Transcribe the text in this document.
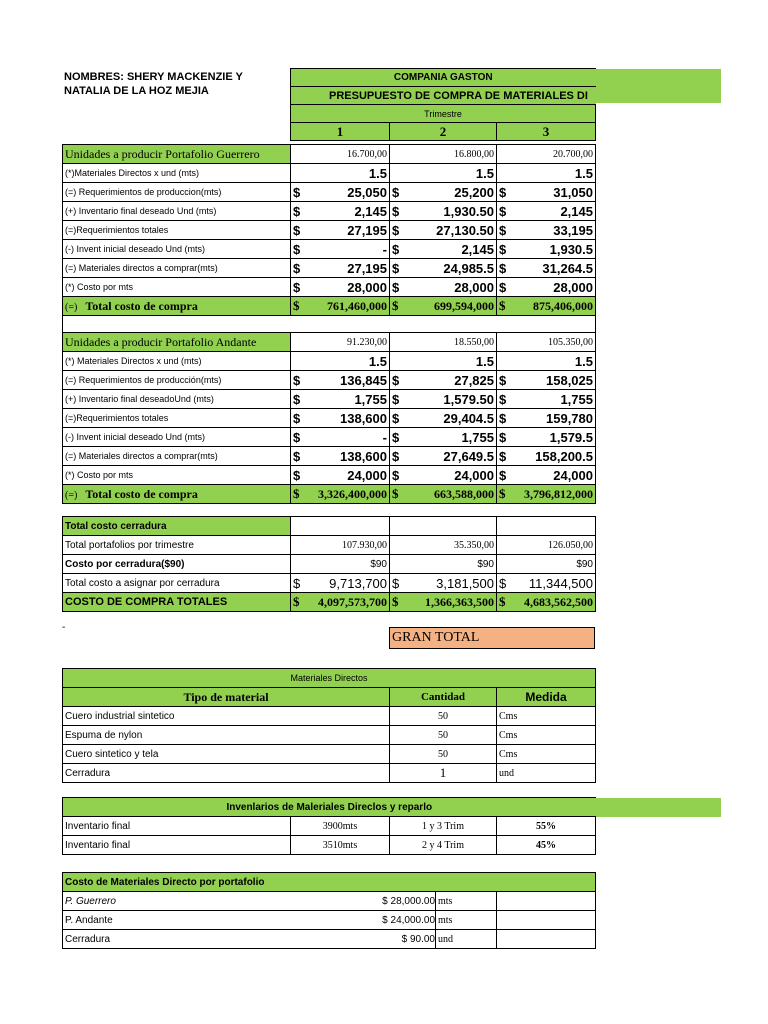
NOMBRES: SHERY MACKENZIE Y
NATALIA DE LA HOZ MEJIA
COMPANIA GASTON
PRESUPUESTO DE COMPRA DE MATERIALES DI
Trimestre
1	2	3
Unidades a producir Portafolio Guerrero	16.700,00	16.800,00	20.700,00
(*)Materiales Directos x und (mts)	1.5	1.5	1.5
(=) Requerimientos de produccion(mts)	$ 25,050	$ 25,200	$ 31,050

(+) Inventario final deseado Und (mts)	$ 2,145	$ 1,930.50	$ 2,145

(=)Requerimientos totales	$ 27,195	$ 27,130.50	$ 33,195

(-) Invent inicial deseado Und (mts)	$ -	$ 2,145	$ 1,930.5

(=) Materiales directos a comprar(mts)	$ 27,195	$ 24,985.5	$ 31,264.5

(*) Costo por mts	$ 28,000	$ 28,000	$ 28,000

(=) Total costo de compra	$ 761,460,000	$ 699,594,000	$ 875,406,000

Unidades a producir Portafolio Andante	91.230,00	18.550,00	105.350,00
(*) Materiales Directos x und (mts)	1.5	1.5	1.5
(=) Requerimientos de producción(mts)	$ 136,845	$ 27,825	$ 158,025

(+) Inventario final deseadoUnd (mts)	$ 1,755	$ 1,579.50	$ 1,755

(=)Requerimientos totales	$ 138,600	$ 29,404.5	$ 159,780

(-) Invent inicial deseado Und (mts)	$ -	$ 1,755	$ 1,579.5

(=) Materiales directos a comprar(mts)	$ 138,600	$ 27,649.5	$ 158,200.5

(*) Costo por mts	$ 24,000	$ 24,000	$ 24,000

(=) Total costo de compra	$ 3,326,400,000	$ 663,588,000	$ 3,796,812,000
Total costo cerradura			
Total portafolios por trimestre	107.930,00	35.350,00	126.050,00
Costo por cerradura($90)	$90	$90	$90
Total costo a asignar por cerradura	$ 9,713,700	$ 3,181,500	$ 11,344,500

COSTO DE COMPRA TOTALES	$ 4,097,573,700	$ 1,366,363,500	$ 4,683,562,500
-
GRAN TOTAL
Materiales Directos		
Tipo de material	Cantidad	Medida
Cuero industrial sintetico	50	Cms
Espuma de nylon	50	Cms
Cuero sintetico y tela	50	Cms
Cerradura	1	und
Invenlarios de Maleriales Direclos y reparlo			
Inventario final	3900mts	1 y 3 Trim	55%
Inventario final	3510mts	2 y 4 Trim	45%
Costo de Materiales Directo por portafolio		

P. Guerrero $ 28,000.00	mts	

P. Andante $ 24,000.00	mts	

Cerradura $ 90.00	und	
